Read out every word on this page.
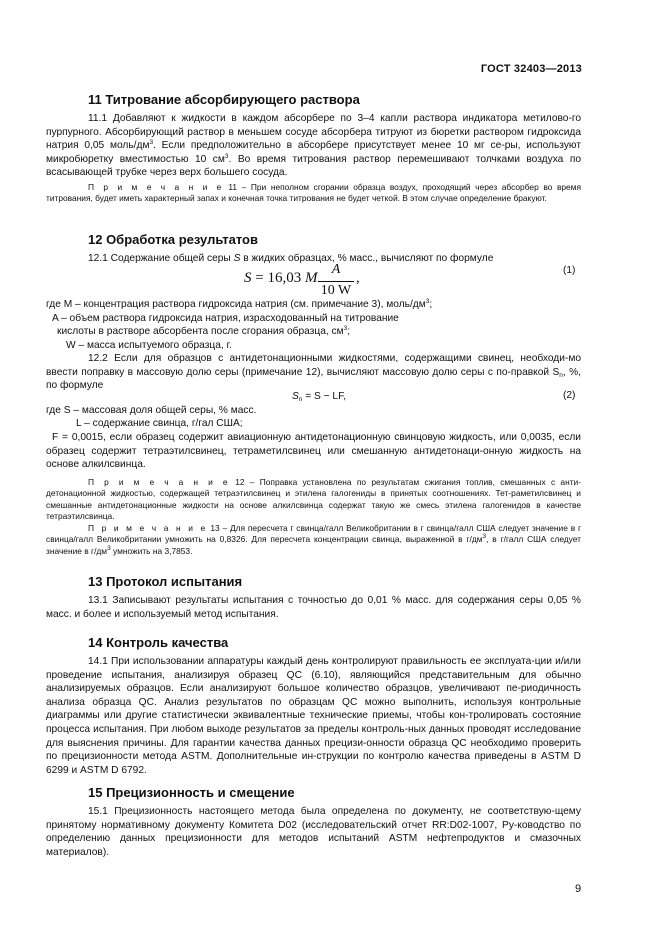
ГОСТ 32403—2013
11 Титрование абсорбирующего раствора
11.1 Добавляют к жидкости в каждом абсорбере по 3–4 капли раствора индикатора метилово-го пурпурного. Абсорбирующий раствор в меньшем сосуде абсорбера титруют из бюретки раствором гидроксида натрия 0,05 моль/$дм^3$. Если предположительно в абсорбере присутствует менее 10 мг се-ры, используют микробюретку вместимостью 10 $см^3$. Во время титрования раствор перемешивают толчками воздуха по всасывающей трубке через верх большего сосуда.
П р и м е ч а н и е 11 – При неполном сгорании образца воздух, проходящий через абсорбер во время титрования, будет иметь характерный запах и конечная точка титрования не будет четкой. В этом случае определение бракуют.
12 Обработка результатов
12.1 Содержание общей серы S в жидких образцах, % масс., вычисляют по формуле
S = 16,03 M
A
10 W
,	(1)
где M – концентрация раствора гидроксида натрия (см. примечание 3), моль/$дм^3$;
A – объем раствора гидроксида натрия, израсходованный на титрование
кислоты в растворе абсорбента после сгорания образца, $см^3$;
W – масса испытуемого образца, г.
12.2 Если для образцов с антидетонационными жидкостями, содержащими свинец, необходи-мо ввести поправку в массовую долю серы (примечание 12), вычисляют массовую долю серы с по-правкой $S_n$, %, по формуле
$S_n = S$ − LF,	(2)
где S – массовая доля общей серы, % масс.
L – содержание свинца, г/гал США;
F = 0,0015, если образец содержит авиационную антидетонационную свинцовую жидкость, или 0,0035, если образец содержит тетраэтилсвинец, тетраметилсвинец или смешанную антидетонаци-онную жидкость на основе алкилсвинца.
П р и м е ч а н и е 12 – Поправка установлена по результатам сжигания топлив, смешанных с анти-детонационной жидкостью, содержащей тетраэтилсвинец и этилена галогениды в принятых соотношениях. Тет-раметилсвинец и смешанные антидетонационные жидкости на основе алкилсвинца содержат такую же смесь этилена галогенидов в качестве тетраэтилсвинца.
П р и м е ч а н и е 13 – Для пересчета г свинца/галл Великобритании в г свинца/галл США следует значение в г свинца/галл Великобритании умножить на 0,8326. Для пересчета концентрации свинца, выраженной в $г/дм^3$, в г/галл США следует значение в $г/дм^3$ умножить на 3,7853.
13 Протокол испытания
13.1 Записывают результаты испытания с точностью до 0,01 % масс. для содержания серы 0,05 % масс. и более и используемый метод испытания.
14 Контроль качества
14.1 При использовании аппаратуры каждый день контролируют правильность ее эксплуата-ции и/или проведение испытания, анализируя образец QC (6.10), являющийся представительным для обычно анализируемых образцов. Если анализируют большое количество образцов, увеличивают пе-риодичность анализа образца QC. Анализ результатов по образцам QC можно выполнить, используя контрольные диаграммы или другие статистически эквивалентные технические приемы, чтобы кон-тролировать состояние процесса испытания. При любом выходе результатов за пределы контроль-ных данных проводят исследование для выяснения причины. Для гарантии качества данных прецизи-онности образца QC необходимо проверить по прецизионности метода ASTM. Дополнительные ин-струкции по контролю качества приведены в ASTM D 6299 и ASTM D 6792.
15 Прецизионность и смещение
15.1 Прецизионность настоящего метода была определена по документу, не соответствую-щему принятому нормативному документу Комитета D02 (исследовательский отчет RR:D02-1007, Ру-ководство по определению данных прецизионности для методов испытаний ASTM нефтепродуктов и смазочных материалов).
9
